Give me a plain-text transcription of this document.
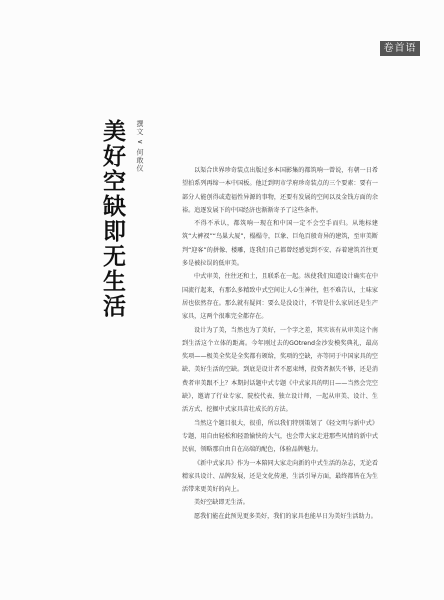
卷首语
美好空缺即无生活	撰文 ∨ 何敢仪	以渠合世界珍奇装点出版过多本国影集的都筑响一曾说，有朝一日希望拍系列再缔一本中国板。他迁到明市学府珍奇装点的三个要素：要有一部分人能创得或造福性异源的事物，还要有发展的空间以及金钱方面的余裕。追逐发展下的中国经济也渐渐寄予了这些条件。

不得不承认，都筑响一现在和中国一定不会空手而归。从地标建筑“大裤衩”“鸟巢大厦”，榻榻寺，巨象、巨龟百般奇异的建筑，至审美断判“迎客”的拼像、楼雕，连我们自己都曾经感觉到不安、吞着建筑首往更多是被拉误的低审美。

中式审美，往往还和土，且联系在一起。纵使我们知道设计确实在中国流行起来，有那么多精致中式空间让人心生神往，但不难告认，土味家居也依然存在。那么就有疑问：要么是没设计，不管是什么家居还是生产家具，这两个很难完全都存在。

设计为了美，当然也为了美好，一个字之差，其实该有从审美这个南到生活这个立体的距离。今年刚过去的GOtrend金沙发模奖典礼，最高奖项——极美全奖是全奖都有颁给，奖项的空缺，亦等同于中国家具的空缺、美好生活的空缺。到底是设计者不愿束缚，投资者据失不够，还是消费者审美跟不上？本期封话题中式专题《中式家具的明日——当然会完空缺》，邀请了行业专家、院校代表、独立设计师，一起从审美、设计、生活方式、挖掘中式家具苗壮成长的方法。

当然这个题目很大，很重，所以我们特别策划了《轻文明与新中式》专题，用自由轻松和轻盈愉快的大气，也会带大家走进那些风情的新中式民宿，领略那自由自在高端的配色，体验品牌魅力。

《新中式家具》作为一本陪同大家走向新的中式生活的杂志，无论看精家具设计、品牌发展，还是文化传递，生活引导方面，最终都皆在为生活带来更美好的向上。

美好空缺即无生活。

愿我们能在此预见更多美好，我们的家具也能早日为美好生活助力。
